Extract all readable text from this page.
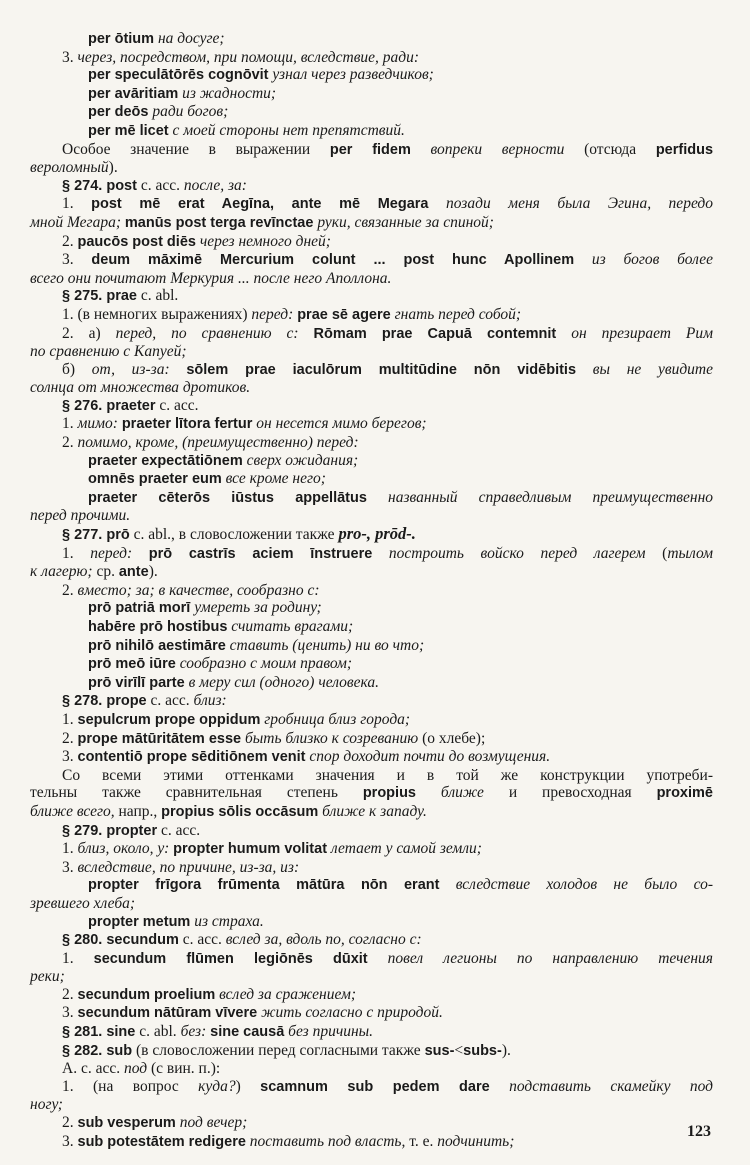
per ōtium на досуге;
3. через, посредством, при помощи, вследствие, ради:
per speculātōrēs cognōvit узнал через разведчиков;
per avāritiam из жадности;
per deōs ради богов;
per mē licet с моей стороны нет препятствий.
Особое значение в выражении per fidem вопреки верности (отсюда perfidus
вероломный).
§ 274. post с. acc. после, за:
1. post mē erat Aegīna, ante mē Megara позади меня была Эгина, передо
мной Мегара; manūs post terga revīnctae руки, связанные за спиной;
2. paucōs post diēs через немного дней;
3. deum māximē Mercurium colunt ... post hunc Apollinem из богов более
всего они почитают Меркурия ... после него Аполлона.
§ 275. prae с. abl.
1. (в немногих выражениях) перед: prae sē agere гнать перед собой;
2. а) перед, по сравнению с: Rōmam prae Capuā contemnit он презирает Рим
по сравнению с Капуей;
б) от, из-за: sōlem prae iaculōrum multitūdine nōn vidēbitis вы не увидите
солнца от множества дротиков.
§ 276. praeter с. acc.
1. мимо: praeter lītora fertur он несется мимо берегов;
2. помимо, кроме, (преимущественно) перед:
praeter expectātiōnem сверх ожидания;
omnēs praeter eum все кроме него;
praeter cēterōs iūstus appellātus названный справедливым преимущественно
перед прочими.
§ 277. prō с. abl., в словосложении также pro-, prōd-.
1. перед: prō castrīs aciem īnstruere построить войско перед лагерем (тылом
к лагерю; ср. ante).
2. вместо; за; в качестве, сообразно с:
prō patriā morī умереть за родину;
habēre prō hostibus считать врагами;
prō nihilō aestimāre ставить (ценить) ни во что;
prō meō iūre сообразно с моим правом;
prō virīlī parte в меру сил (одного) человека.
§ 278. prope с. acc. близ:
1. sepulcrum prope oppidum гробница близ города;
2. prope mātūritātem esse быть близко к созреванию (о хлебе);
3. contentiō prope sēditiōnem venit спор доходит почти до возмущения.
Со всеми этими оттенками значения и в той же конструкции употреби-
тельны также сравнительная степень propius ближе и превосходная proximē
ближе всего, напр., propius sōlis occāsum ближе к западу.
§ 279. propter с. acc.
1. близ, около, у: propter humum volitat летает у самой земли;
3. вследствие, по причине, из-за, из:
propter frīgora frūmenta mātūra nōn erant вследствие холодов не было со-
зревшего хлеба;
propter metum из страха.
§ 280. secundum с. acc. вслед за, вдоль по, согласно с:
1. secundum flūmen legiōnēs dūxit повел легионы по направлению течения
реки;
2. secundum proelium вслед за сражением;
3. secundum nātūram vīvere жить согласно с природой.
§ 281. sine с. abl. без: sine causā без причины.
§ 282. sub (в словосложении перед согласными также sus-<subs-).
А. с. acc. под (с вин. п.):
1. (на вопрос куда?) scamnum sub pedem dare подставить скамейку под
ногу;
2. sub vesperum под вечер;
3. sub potestātem redigere поставить под власть, т. е. подчинить;
123
